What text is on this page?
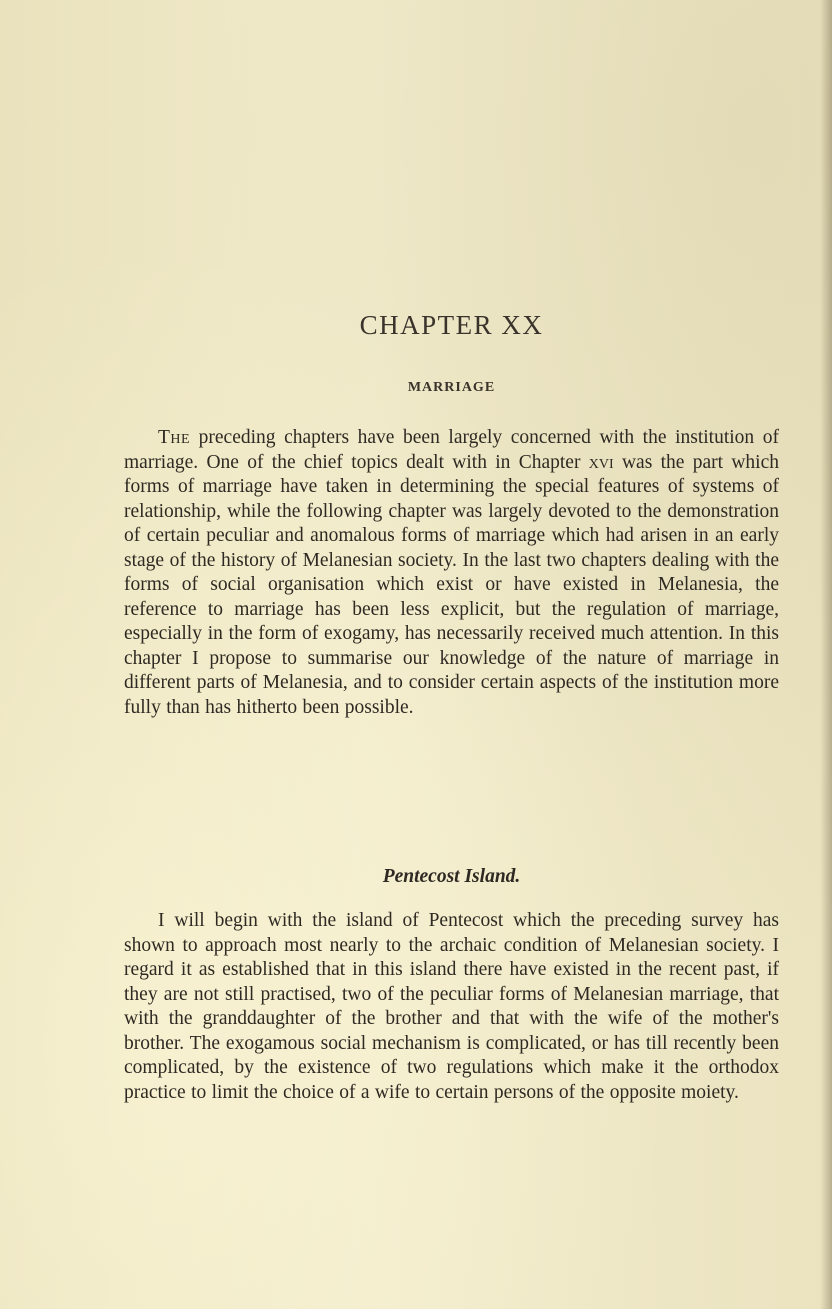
CHAPTER XX
MARRIAGE

The preceding chapters have been largely concerned with the institution of marriage. One of the chief topics dealt with in Chapter xvi was the part which forms of marriage have taken in determining the special features of systems of relationship, while the following chapter was largely devoted to the demonstration of certain peculiar and anomalous forms of marriage which had arisen in an early stage of the history of Melanesian society. In the last two chapters dealing with the forms of social organisation which exist or have existed in Melanesia, the reference to marriage has been less explicit, but the regulation of marriage, especially in the form of exogamy, has necessarily received much attention. In this chapter I propose to summarise our knowledge of the nature of marriage in different parts of Melanesia, and to consider certain aspects of the institution more fully than has hitherto been possible.

Pentecost Island.

I will begin with the island of Pentecost which the preceding survey has shown to approach most nearly to the archaic condition of Melanesian society. I regard it as established that in this island there have existed in the recent past, if they are not still practised, two of the peculiar forms of Melanesian marriage, that with the granddaughter of the brother and that with the wife of the mother's brother. The exogamous social mechanism is complicated, or has till recently been complicated, by the existence of two regulations which make it the orthodox practice to limit the choice of a wife to certain persons of the opposite moiety.
